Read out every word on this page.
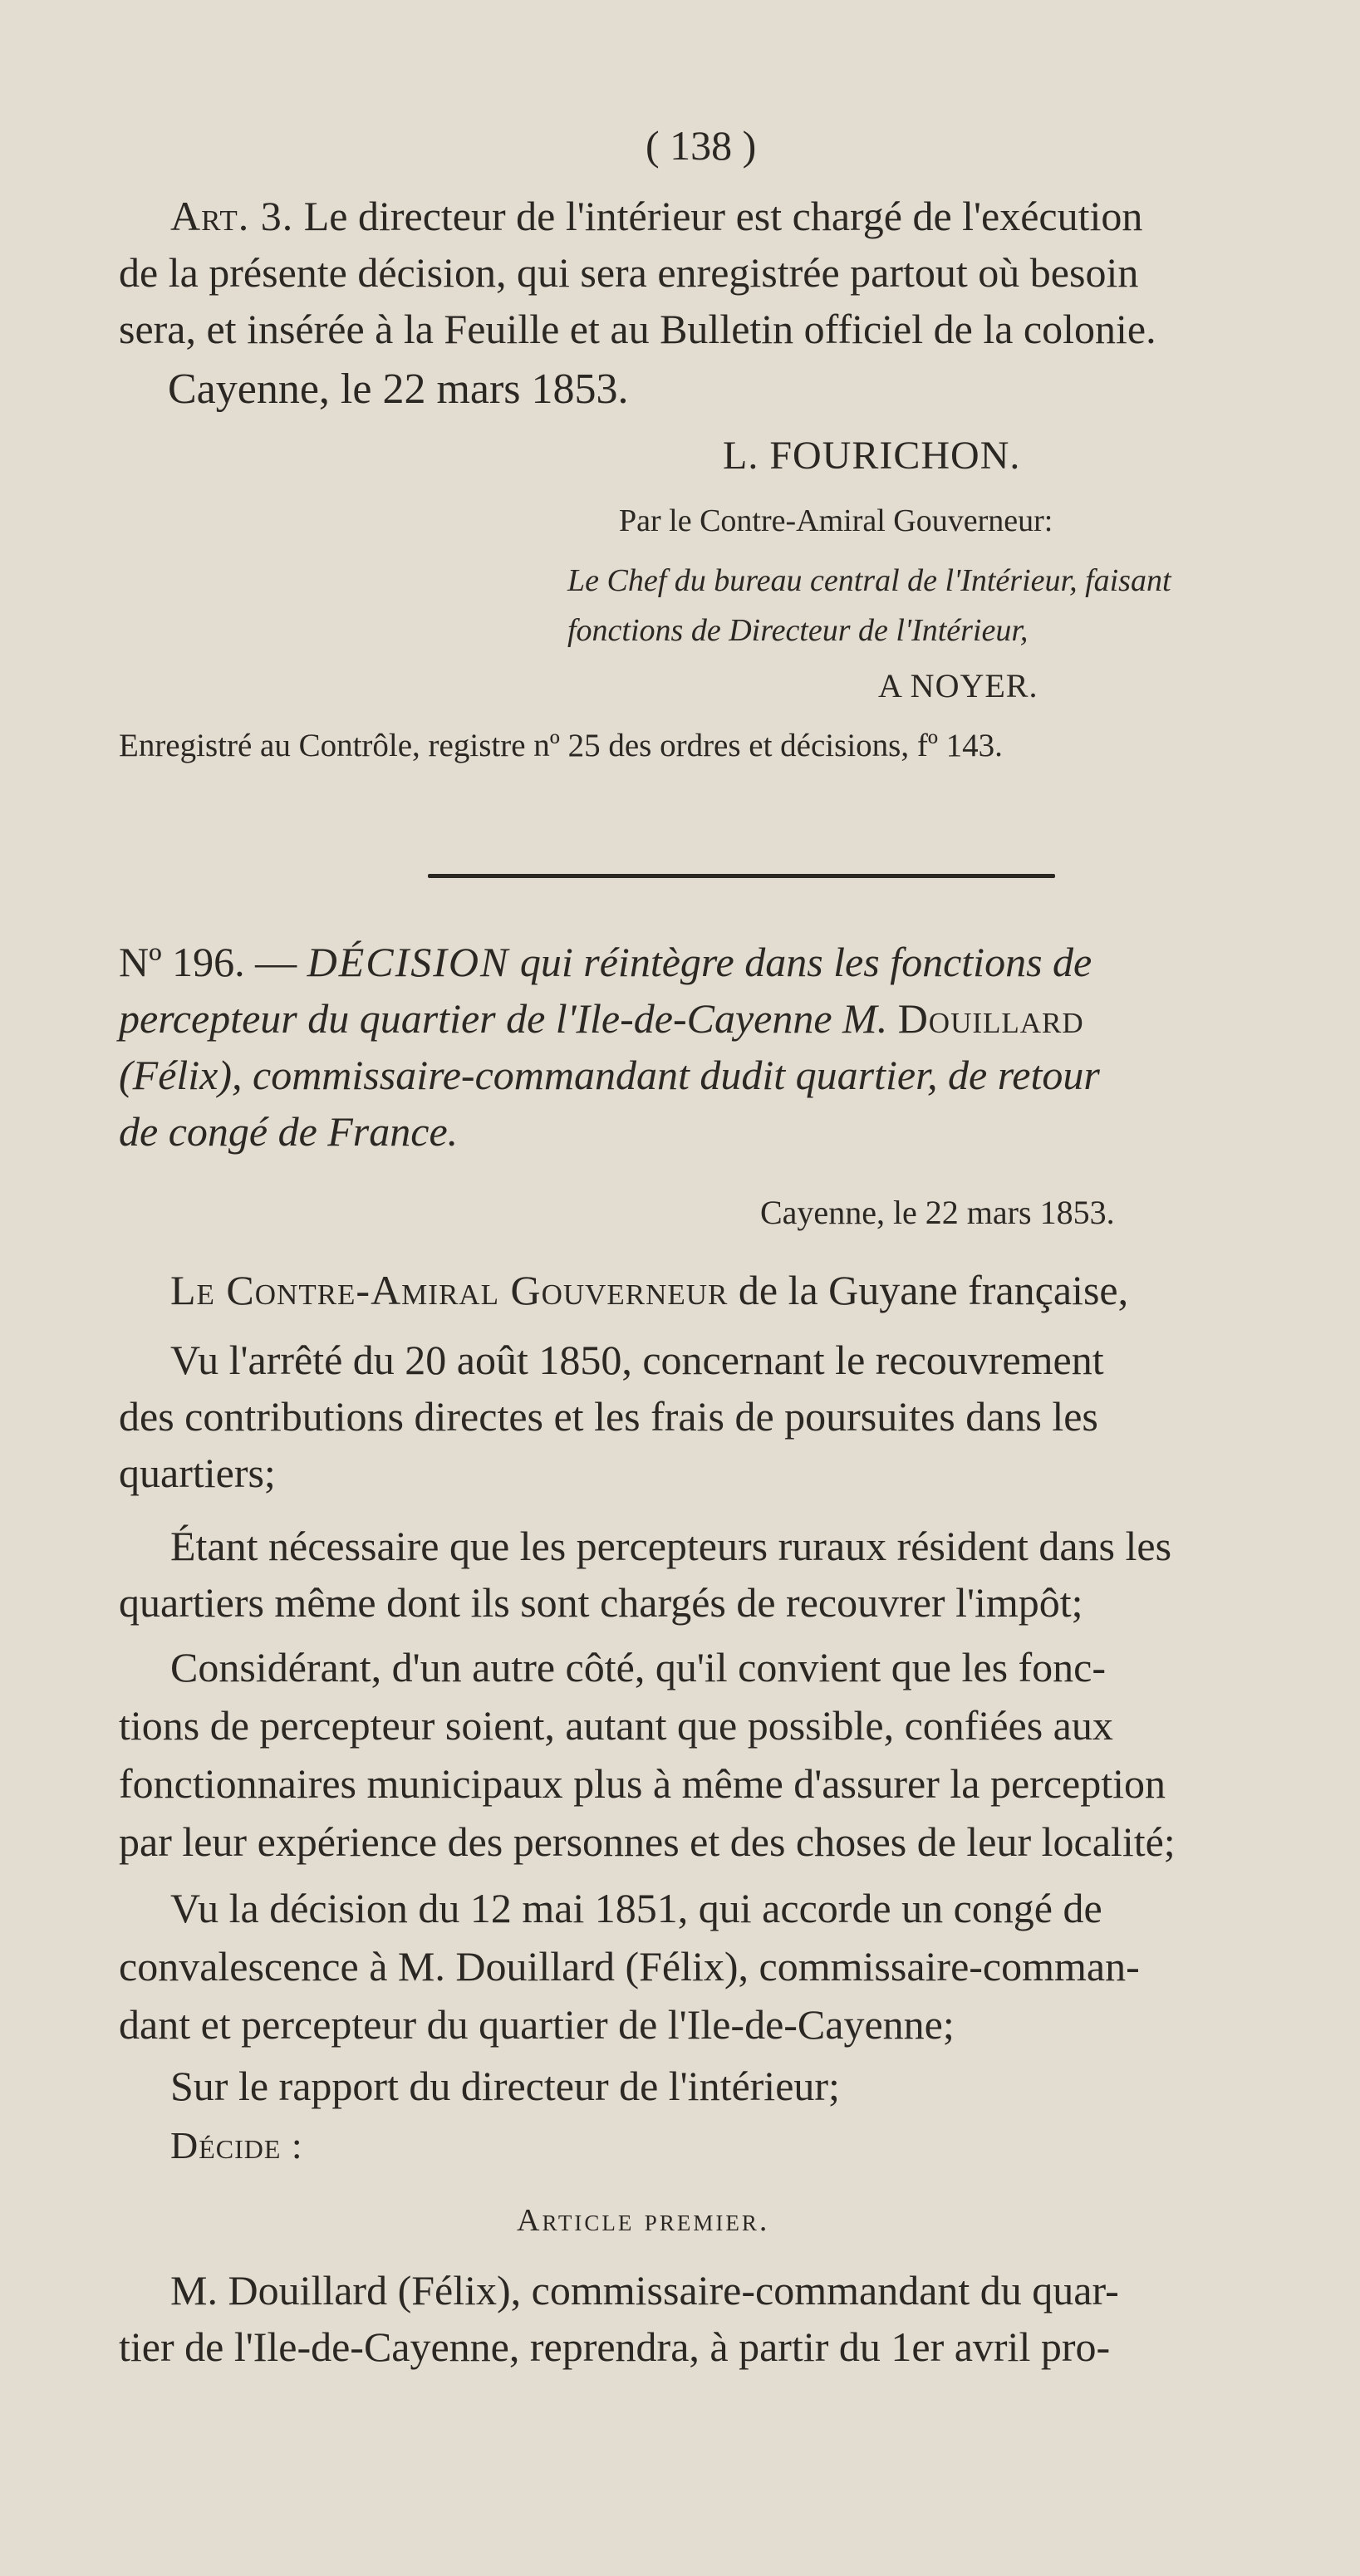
( 138 )
Art. 3. Le directeur de l'intérieur est chargé de l'exécution
de la présente décision, qui sera enregistrée partout où besoin
sera, et insérée à la Feuille et au Bulletin officiel de la colonie.
Cayenne, le 22 mars 1853.
L. FOURICHON.
Par le Contre-Amiral Gouverneur:
Le Chef du bureau central de l'Intérieur, faisant
fonctions de Directeur de l'Intérieur,
A NOYER.
Enregistré au Contrôle, registre nº 25 des ordres et décisions, fº 143.
Nº 196. — DÉCISION qui réintègre dans les fonctions de
percepteur du quartier de l'Ile-de-Cayenne M. Douillard
(Félix), commissaire-commandant dudit quartier, de retour
de congé de France.
Cayenne, le 22 mars 1853.
Le Contre-Amiral Gouverneur de la Guyane française,
Vu l'arrêté du 20 août 1850, concernant le recouvrement
des contributions directes et les frais de poursuites dans les
quartiers;
Étant nécessaire que les percepteurs ruraux résident dans les
quartiers même dont ils sont chargés de recouvrer l'impôt;
Considérant, d'un autre côté, qu'il convient que les fonc-
tions de percepteur soient, autant que possible, confiées aux
fonctionnaires municipaux plus à même d'assurer la perception
par leur expérience des personnes et des choses de leur localité;
Vu la décision du 12 mai 1851, qui accorde un congé de
convalescence à M. Douillard (Félix), commissaire-comman-
dant et percepteur du quartier de l'Ile-de-Cayenne;
Sur le rapport du directeur de l'intérieur;
Décide :
Article premier.
M. Douillard (Félix), commissaire-commandant du quar-
tier de l'Ile-de-Cayenne, reprendra, à partir du 1er avril pro-
